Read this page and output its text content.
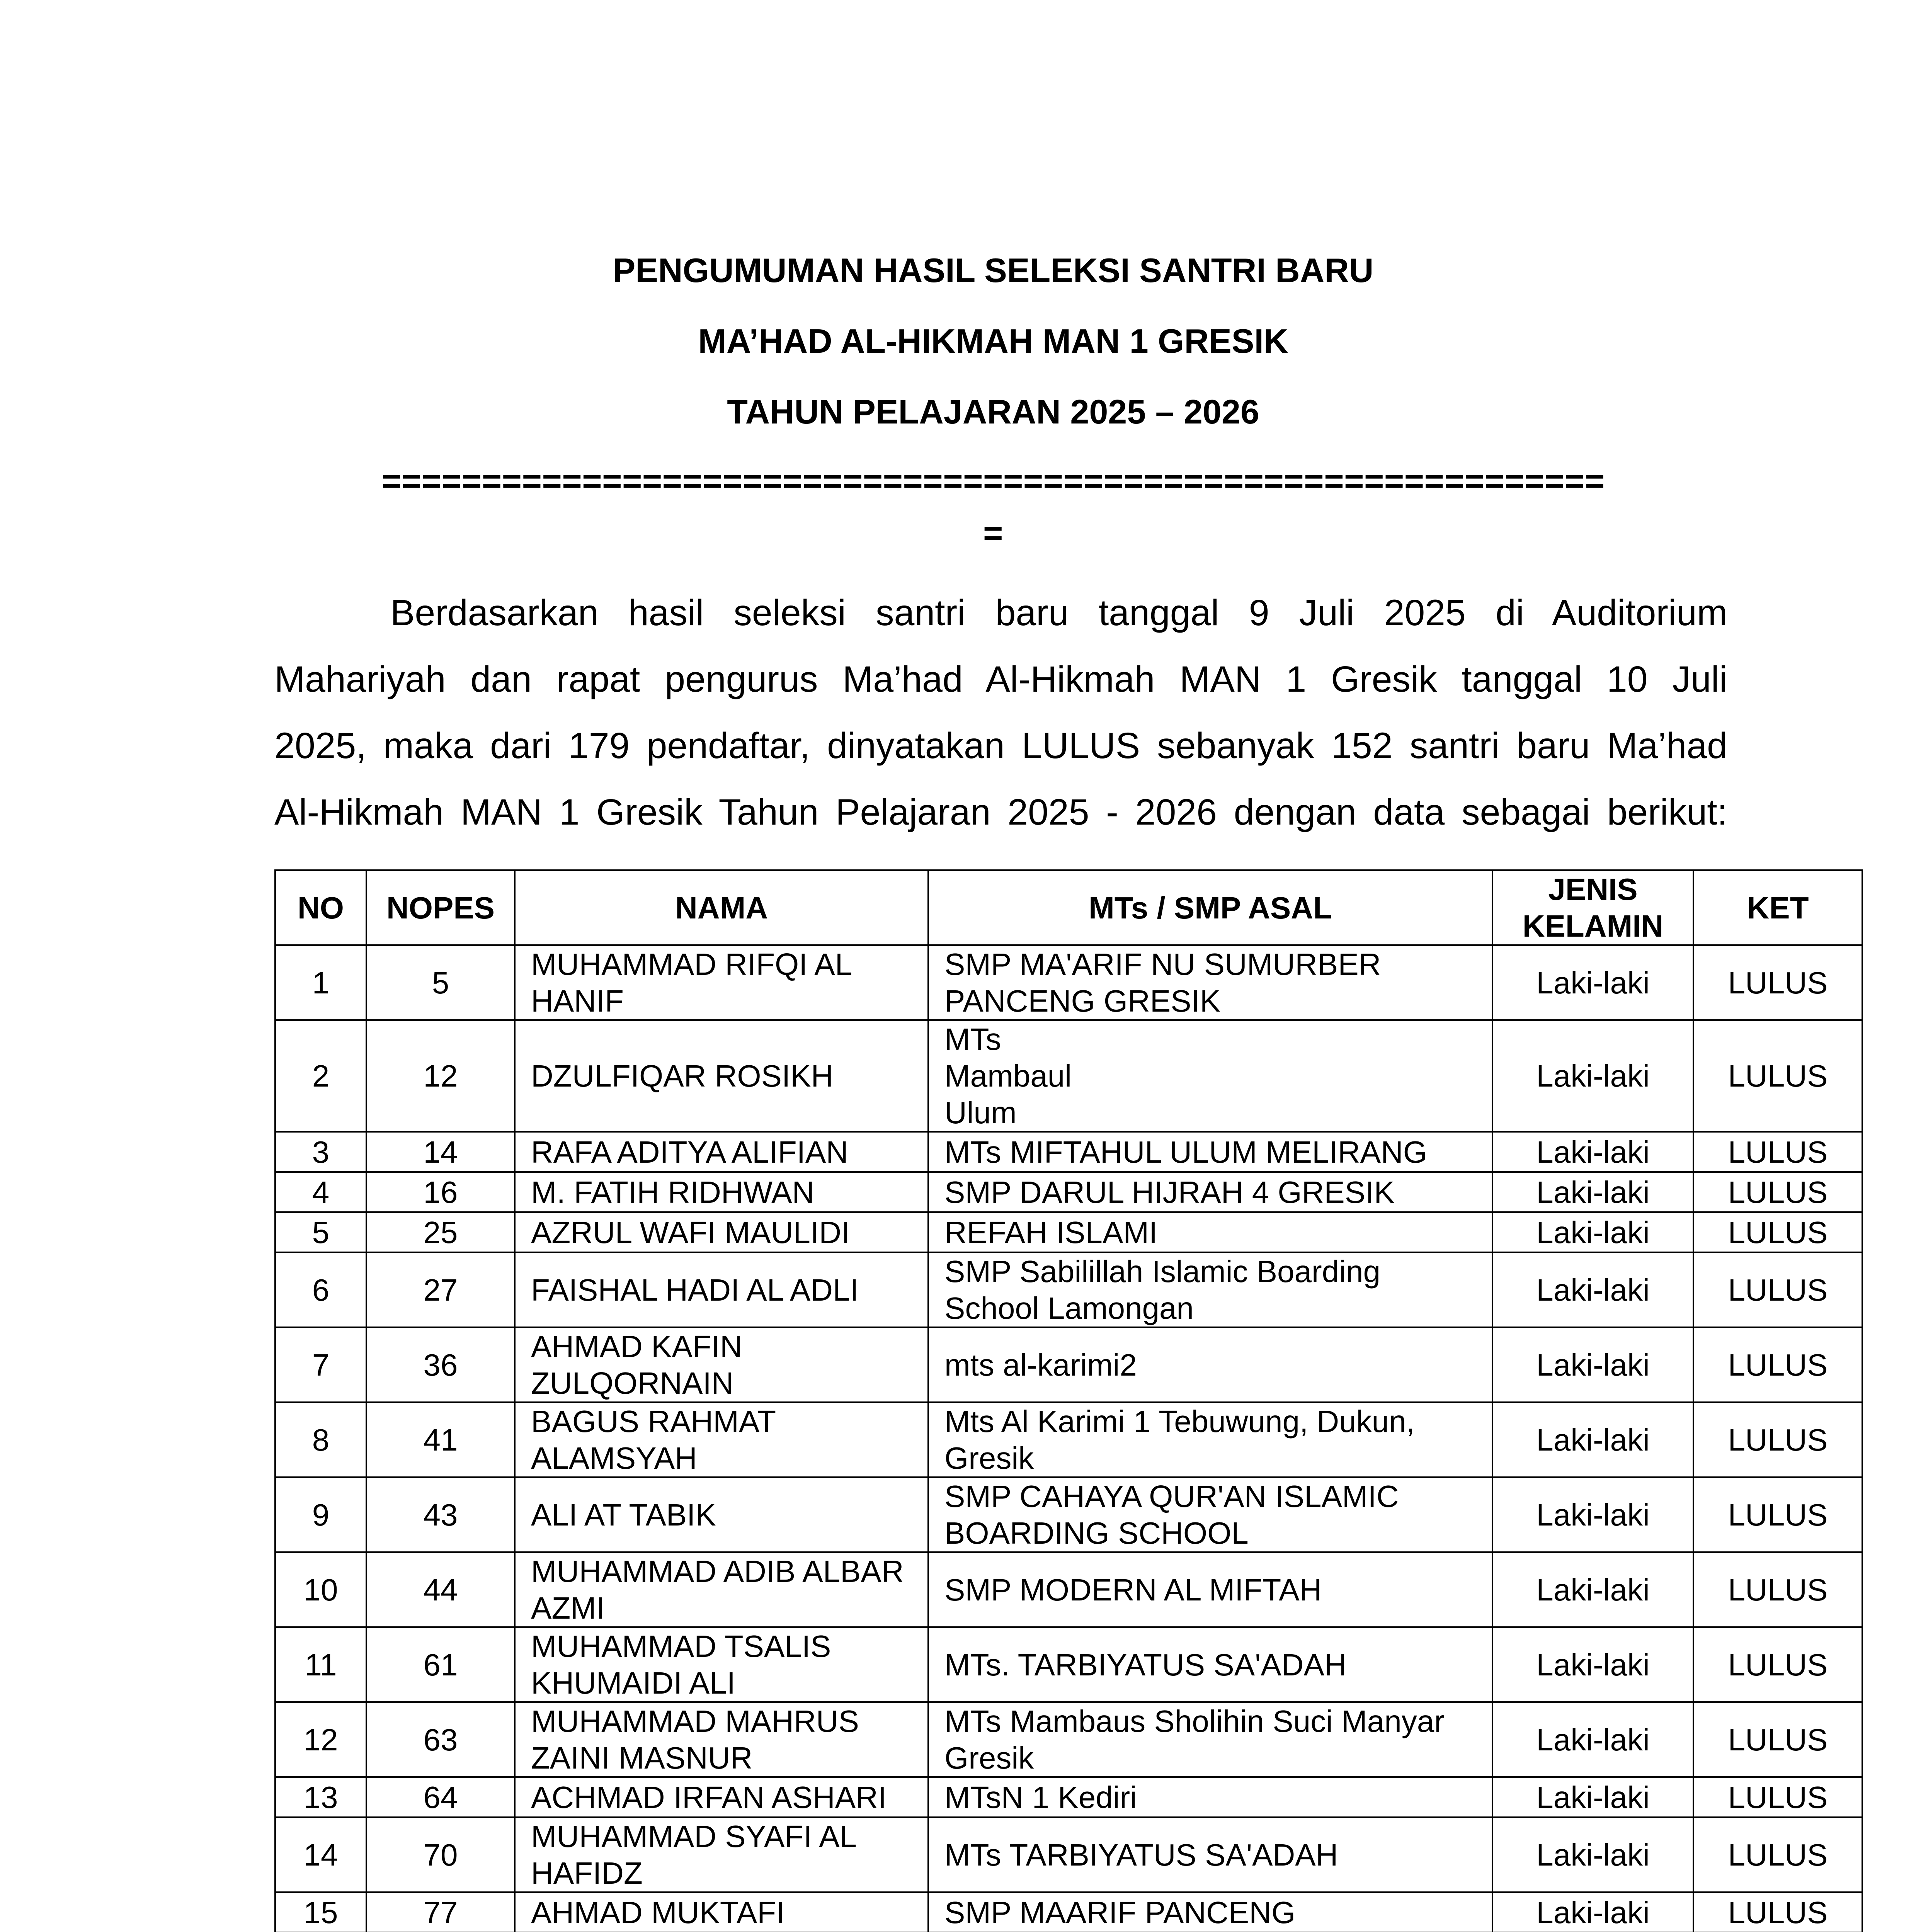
PENGUMUMAN HASIL SELEKSI SANTRI BARU
MA’HAD AL-HIKMAH MAN 1 GRESIK
TAHUN PELAJARAN 2025 – 2026
=============================================================
=
Berdasarkan hasil seleksi santri baru tanggal 9 Juli 2025 di Auditorium
Mahariyah dan rapat pengurus Ma’had Al-Hikmah MAN 1 Gresik tanggal 10 Juli
2025, maka dari 179 pendaftar, dinyatakan LULUS sebanyak 152 santri baru Ma’had
Al-Hikmah MAN 1 Gresik Tahun Pelajaran 2025 - 2026 dengan data sebagai berikut:
NO	NOPES	NAMA	MTs / SMP ASAL	JENIS KELAMIN	KET
1	5	MUHAMMAD RIFQI AL HANIF	SMP MA'ARIF NU SUMURBER PANCENG GRESIK	Laki-laki	LULUS
2	12	DZULFIQAR ROSIKH	MTs Mambaul Ulum	Laki-laki	LULUS
3	14	RAFA ADITYA ALIFIAN	MTs MIFTAHUL ULUM MELIRANG	Laki-laki	LULUS
4	16	M. FATIH RIDHWAN	SMP DARUL HIJRAH 4 GRESIK	Laki-laki	LULUS
5	25	AZRUL WAFI MAULIDI	REFAH ISLAMI	Laki-laki	LULUS
6	27	FAISHAL HADI AL ADLI	SMP Sabilillah Islamic Boarding School Lamongan	Laki-laki	LULUS
7	36	AHMAD KAFIN ZULQORNAIN	mts al-karimi2	Laki-laki	LULUS
8	41	BAGUS RAHMAT ALAMSYAH	Mts Al Karimi 1 Tebuwung, Dukun, Gresik	Laki-laki	LULUS
9	43	ALI AT TABIK	SMP CAHAYA QUR'AN ISLAMIC BOARDING SCHOOL	Laki-laki	LULUS
10	44	MUHAMMAD ADIB ALBAR AZMI	SMP MODERN AL MIFTAH	Laki-laki	LULUS
11	61	MUHAMMAD TSALIS KHUMAIDI ALI	MTs. TARBIYATUS SA'ADAH	Laki-laki	LULUS
12	63	MUHAMMAD MAHRUS ZAINI MASNUR	MTs Mambaus Sholihin Suci Manyar Gresik	Laki-laki	LULUS
13	64	ACHMAD IRFAN ASHARI	MTsN 1 Kediri	Laki-laki	LULUS
14	70	MUHAMMAD SYAFI AL HAFIDZ	MTs TARBIYATUS SA'ADAH	Laki-laki	LULUS
15	77	AHMAD MUKTAFI	SMP MAARIF PANCENG	Laki-laki	LULUS
